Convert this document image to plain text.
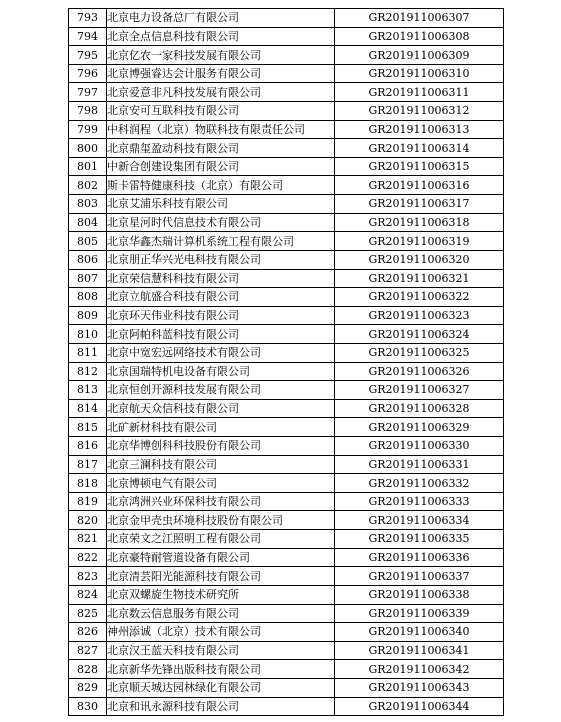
793	北京电力设备总厂有限公司	GR201911006307
794	北京全点信息科技有限公司	GR201911006308
795	北京亿农一家科技发展有限公司	GR201911006309
796	北京博强睿达会计服务有限公司	GR201911006310
797	北京爱意非凡科技发展有限公司	GR201911006311
798	北京安可互联科技有限公司	GR201911006312
799	中科润程（北京）物联科技有限责任公司	GR201911006313
800	北京鼎玺盈动科技有限公司	GR201911006314
801	中新合创建设集团有限公司	GR201911006315
802	斯卡雷特健康科技（北京）有限公司	GR201911006316
803	北京艾浦乐科技有限公司	GR201911006317
804	北京星河时代信息技术有限公司	GR201911006318
805	北京华鑫杰瑞计算机系统工程有限公司	GR201911006319
806	北京朋正华兴光电科技有限公司	GR201911006320
807	北京荣信慧科科技有限公司	GR201911006321
808	北京立航盛合科技有限公司	GR201911006322
809	北京环天伟业科技有限公司	GR201911006323
810	北京阿帕科蓝科技有限公司	GR201911006324
811	北京中宽宏远网络技术有限公司	GR201911006325
812	北京国瑞特机电设备有限公司	GR201911006326
813	北京恒创开源科技发展有限公司	GR201911006327
814	北京航天众信科技有限公司	GR201911006328
815	北矿新材科技有限公司	GR201911006329
816	北京华博创科科技股份有限公司	GR201911006330
817	北京三澜科技有限公司	GR201911006331
818	北京博顿电气有限公司	GR201911006332
819	北京鸿洲兴业环保科技有限公司	GR201911006333
820	北京金甲壳虫环境科技股份有限公司	GR201911006334
821	北京荣文之江照明工程有限公司	GR201911006335
822	北京豪特耐管道设备有限公司	GR201911006336
823	北京清芸阳光能源科技有限公司	GR201911006337
824	北京双螺旋生物技术研究所	GR201911006338
825	北京数云信息服务有限公司	GR201911006339
826	神州添诚（北京）技术有限公司	GR201911006340
827	北京汉王蓝天科技有限公司	GR201911006341
828	北京新华先锋出版科技有限公司	GR201911006342
829	北京顺天城达园林绿化有限公司	GR201911006343
830	北京和讯永源科技有限公司	GR201911006344
